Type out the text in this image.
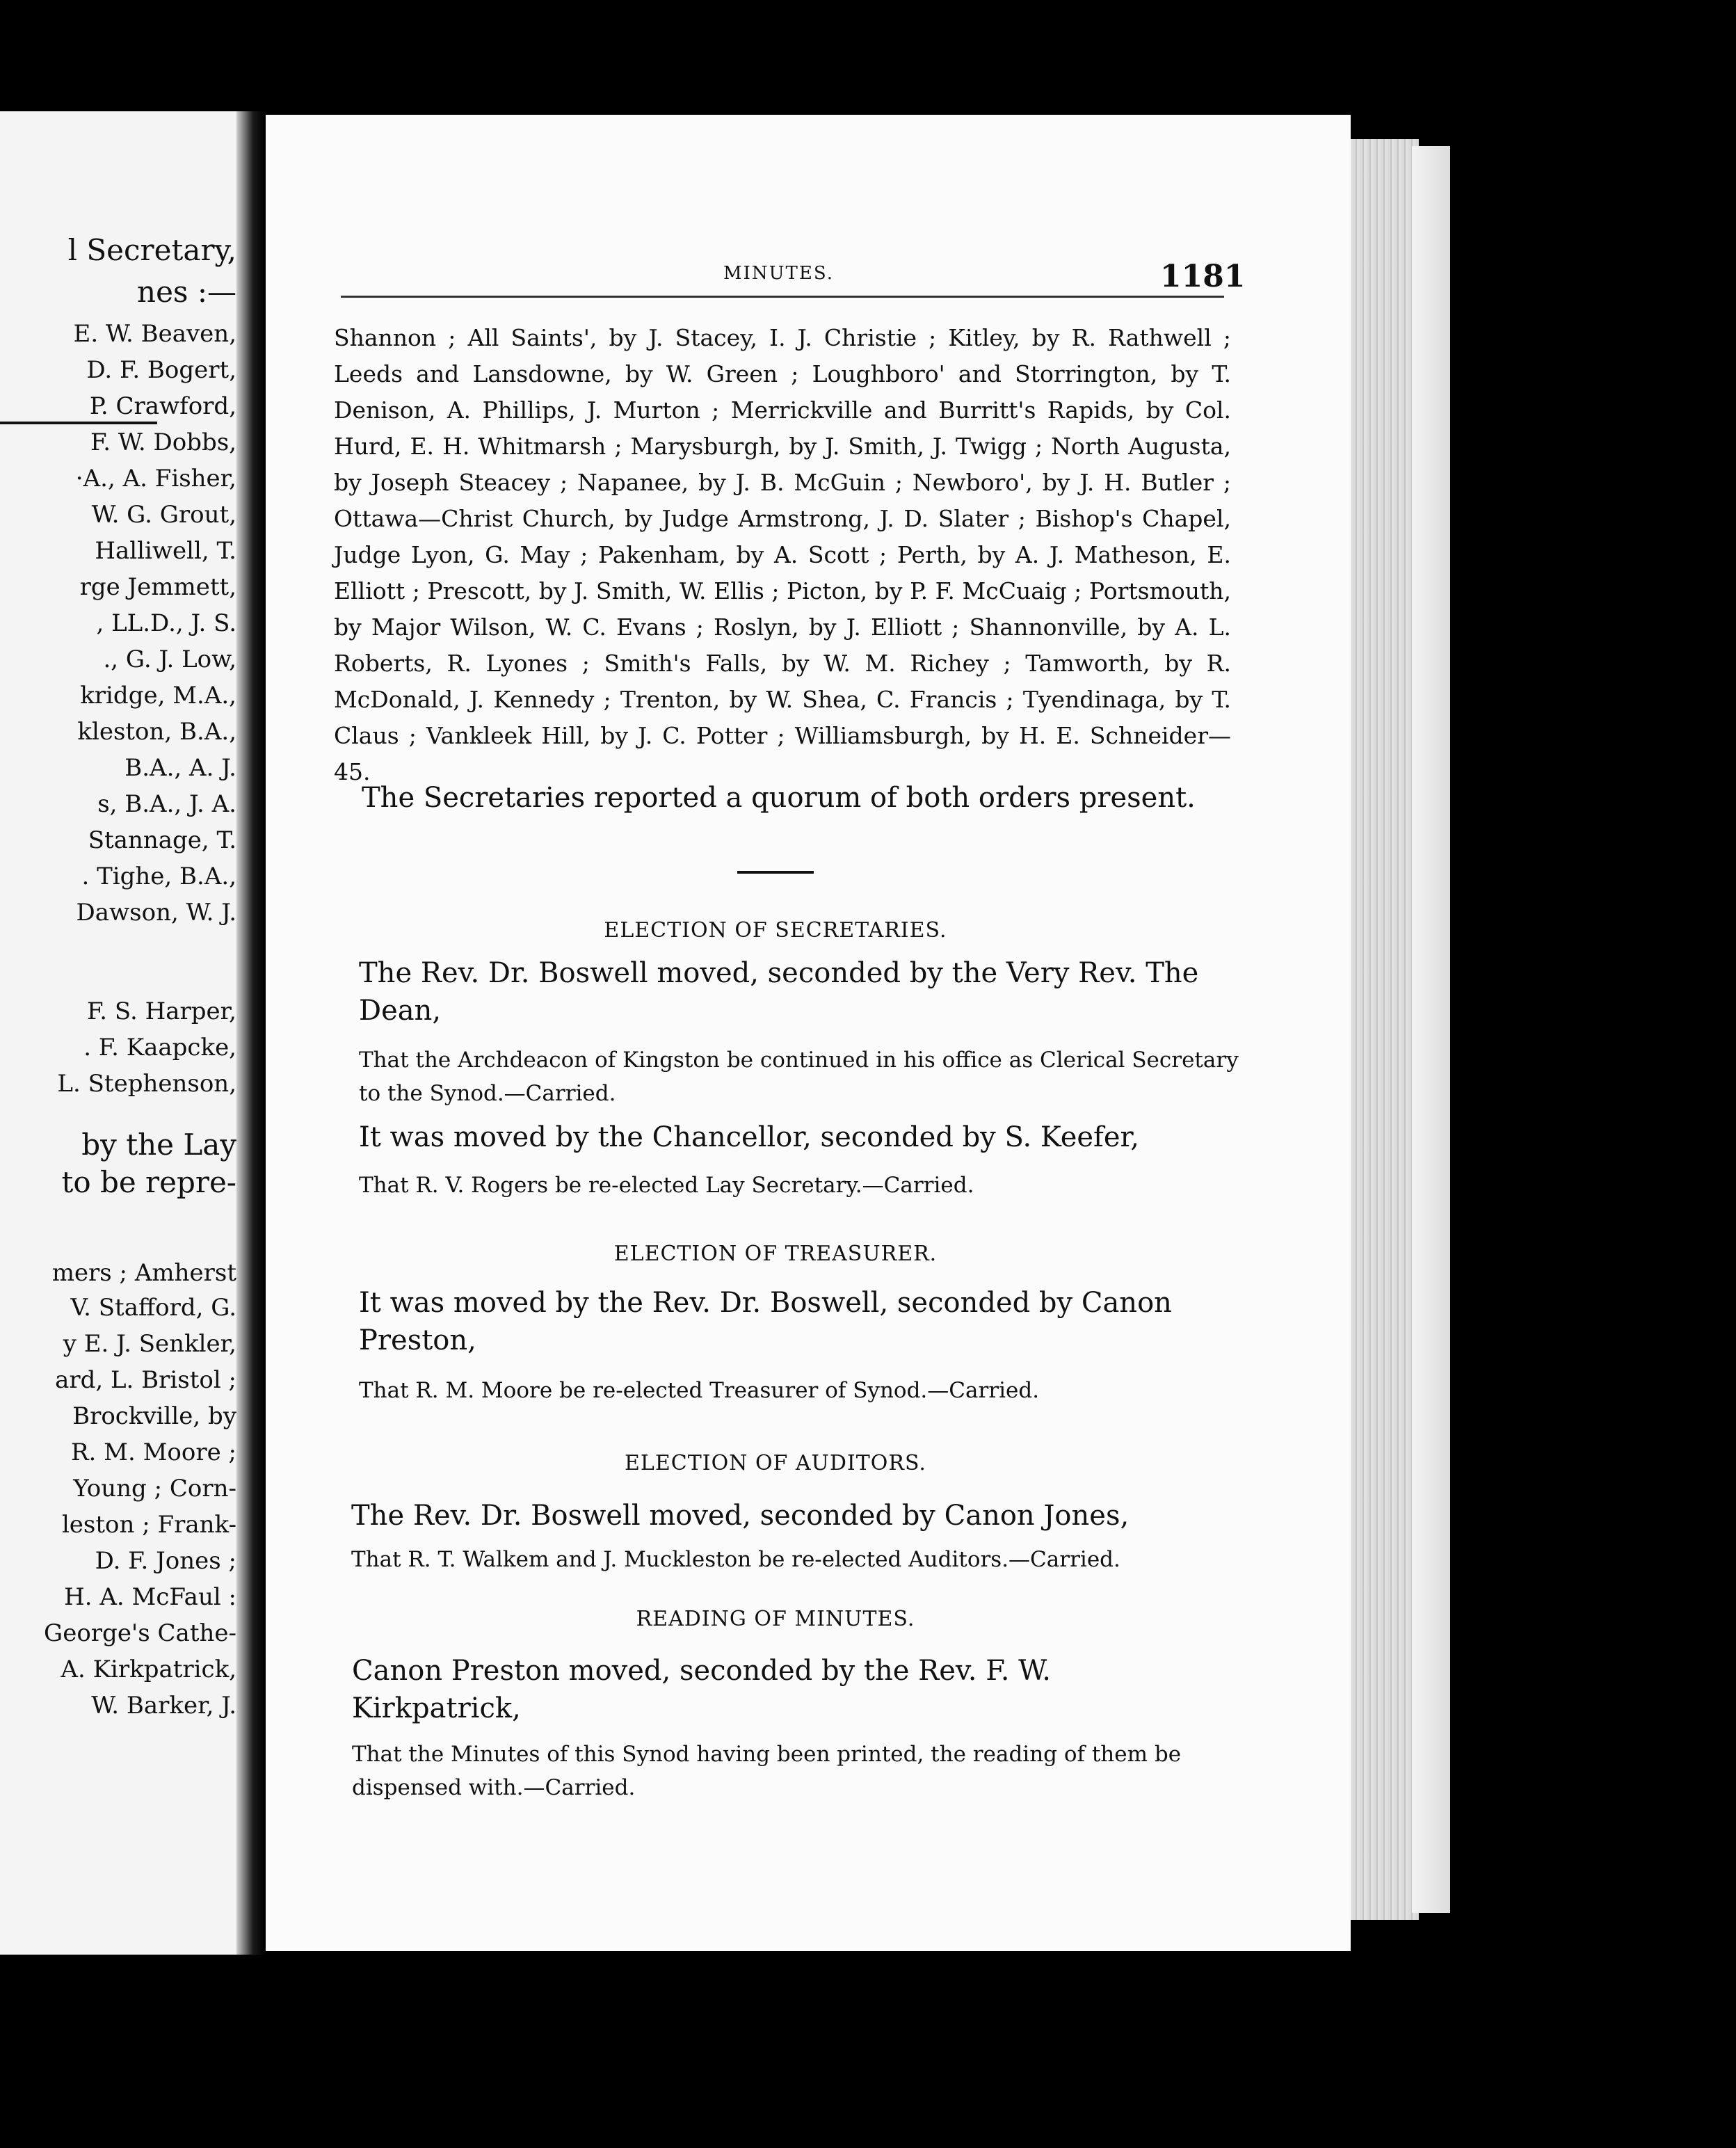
l Secretary,
nes :—
E. W. Beaven,
D. F. Bogert,
P. Crawford,
F. W. Dobbs,
·A., A. Fisher,
W. G. Grout,
Halliwell, T.
rge Jemmett,
, LL.D., J. S.
., G. J. Low,
kridge, M.A.,
kleston, B.A.,
B.A., A. J.
s, B.A., J. A.
Stannage, T.
. Tighe, B.A.,
Dawson, W. J.
F. S. Harper,
. F. Kaapcke,
L. Stephenson,
by the Lay
to be repre-
mers ; Amherst
V. Stafford, G.
y E. J. Senkler,
ard, L. Bristol ;
Brockville, by
R. M. Moore ;
Young ; Corn-
leston ; Frank-
D. F. Jones ;
H. A. McFaul :
George's Cathe-
A. Kirkpatrick,
W. Barker, J.
MINUTES.	1181
Shannon ; All Saints', by J. Stacey, I. J. Christie ; Kitley, by R. Rathwell ; Leeds and Lansdowne, by W. Green ; Loughboro' and Storrington, by T. Denison, A. Phillips, J. Murton ; Merrickville and Burritt's Rapids, by Col. Hurd, E. H. Whitmarsh ; Marysburgh, by J. Smith, J. Twigg ; North Augusta, by Joseph Steacey ; Napanee, by J. B. McGuin ; Newboro', by J. H. Butler ; Ottawa—Christ Church, by Judge Armstrong, J. D. Slater ; Bishop's Chapel, Judge Lyon, G. May ; Pakenham, by A. Scott ; Perth, by A. J. Matheson, E. Elliott ; Prescott, by J. Smith, W. Ellis ; Picton, by P. F. McCuaig ; Portsmouth, by Major Wilson, W. C. Evans ; Roslyn, by J. Elliott ; Shannonville, by A. L. Roberts, R. Lyones ; Smith's Falls, by W. M. Richey ; Tamworth, by R. McDonald, J. Kennedy ; Trenton, by W. Shea, C. Francis ; Tyendinaga, by T. Claus ; Vankleek Hill, by J. C. Potter ; Williamsburgh, by H. E. Schneider—45.
The Secretaries reported a quorum of both orders present.
ELECTION OF SECRETARIES.
The Rev. Dr. Boswell moved, seconded by the Very Rev. The Dean,
That the Archdeacon of Kingston be continued in his office as Clerical Secretary to the Synod.—Carried.
It was moved by the Chancellor, seconded by S. Keefer,
That R. V. Rogers be re-elected Lay Secretary.—Carried.
ELECTION OF TREASURER.
It was moved by the Rev. Dr. Boswell, seconded by Canon Preston,
That R. M. Moore be re-elected Treasurer of Synod.—Carried.
ELECTION OF AUDITORS.
The Rev. Dr. Boswell moved, seconded by Canon Jones,
That R. T. Walkem and J. Muckleston be re-elected Auditors.—Carried.
READING OF MINUTES.
Canon Preston moved, seconded by the Rev. F. W. Kirkpatrick,
That the Minutes of this Synod having been printed, the reading of them be dispensed with.—Carried.
